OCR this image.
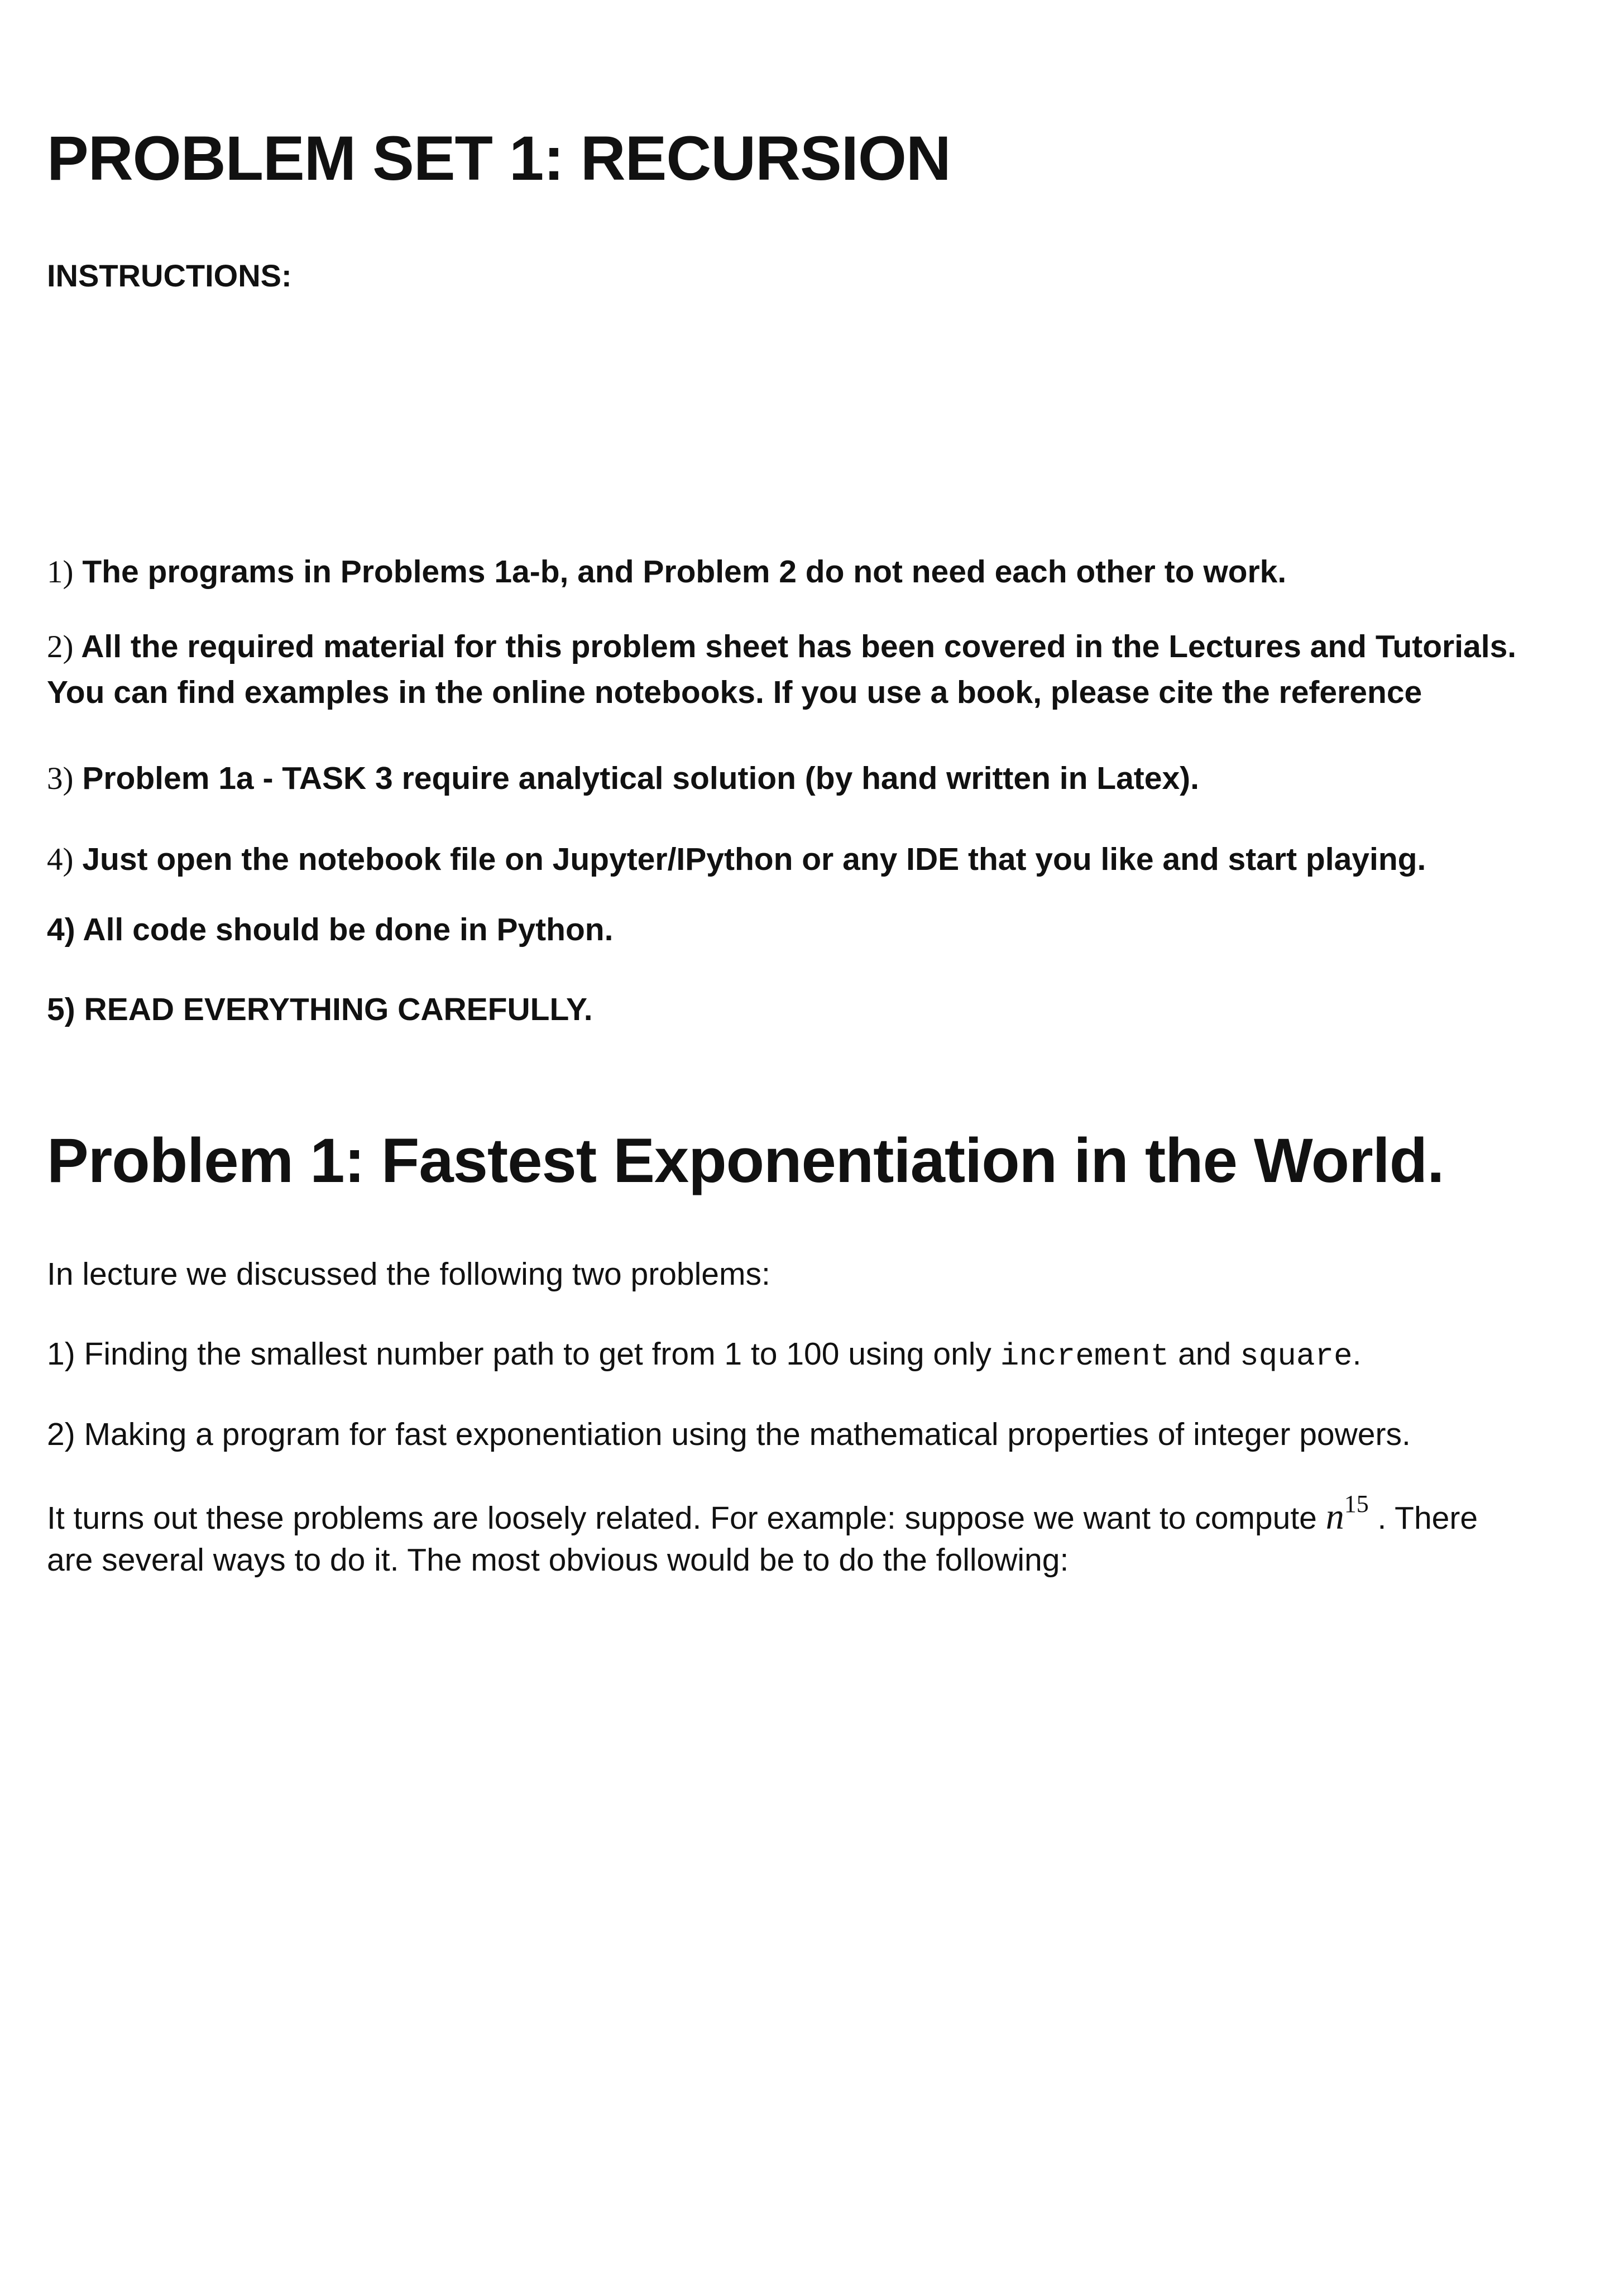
PROBLEM SET 1: RECURSION
INSTRUCTIONS:
1) The programs in Problems 1a-b, and Problem 2 do not need each other to work.
2) All the required material for this problem sheet has been covered in the Lectures and Tutorials.
You can find examples in the online notebooks. If you use a book, please cite the reference
3) Problem 1a - TASK 3 require analytical solution (by hand written in Latex).
4) Just open the notebook file on Jupyter/IPython or any IDE that you like and start playing.
4) All code should be done in Python.
5) READ EVERYTHING CAREFULLY.
Problem 1: Fastest Exponentiation in the World.
In lecture we discussed the following two problems:
1) Finding the smallest number path to get from 1 to 100 using only increment and square.
2) Making a program for fast exponentiation using the mathematical properties of integer powers.
It turns out these problems are loosely related. For example: suppose we want to compute $n^{15}$ . There
are several ways to do it. The most obvious would be to do the following:
